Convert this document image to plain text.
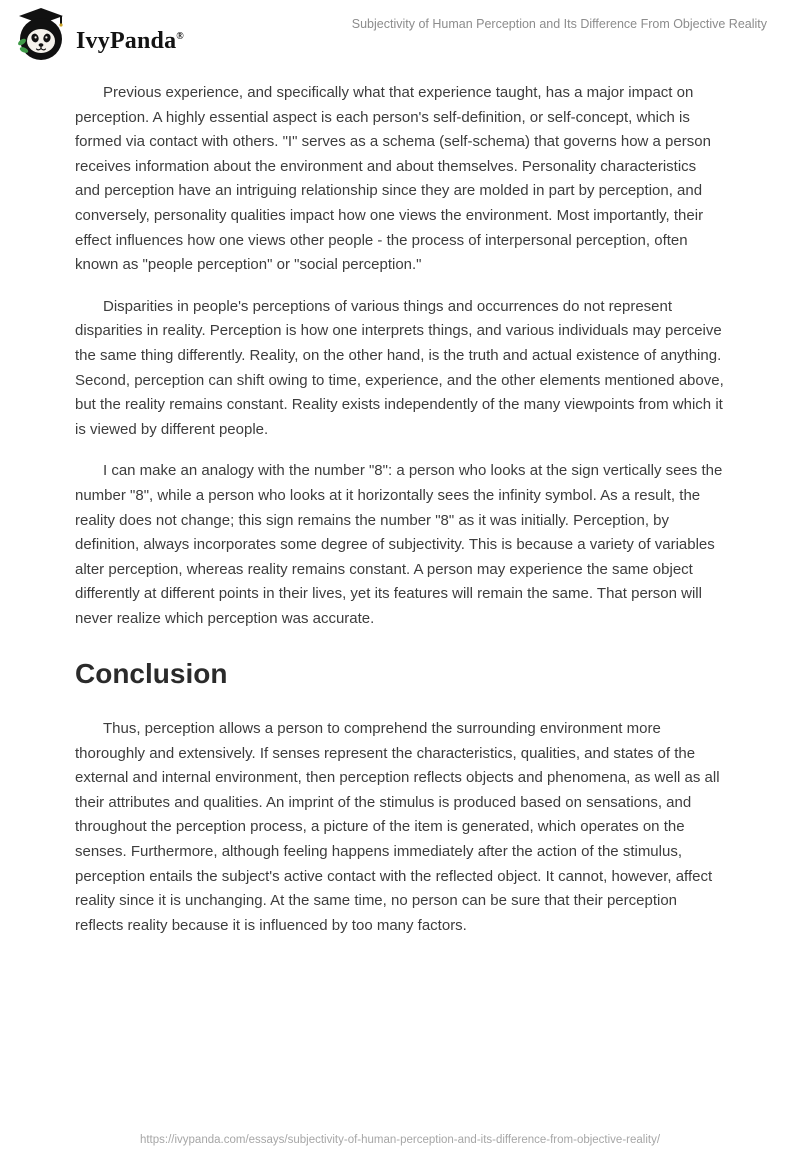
IvyPanda®
Subjectivity of Human Perception and Its Difference From Objective Reality

Previous experience, and specifically what that experience taught, has a major impact on perception. A highly essential aspect is each person's self-definition, or self-concept, which is formed via contact with others. "I" serves as a schema (self-schema) that governs how a person receives information about the environment and about themselves. Personality characteristics and perception have an intriguing relationship since they are molded in part by perception, and conversely, personality qualities impact how one views the environment. Most importantly, their effect influences how one views other people - the process of interpersonal perception, often known as "people perception" or "social perception."

Disparities in people's perceptions of various things and occurrences do not represent disparities in reality. Perception is how one interprets things, and various individuals may perceive the same thing differently. Reality, on the other hand, is the truth and actual existence of anything. Second, perception can shift owing to time, experience, and the other elements mentioned above, but the reality remains constant. Reality exists independently of the many viewpoints from which it is viewed by different people.

I can make an analogy with the number "8": a person who looks at the sign vertically sees the number "8", while a person who looks at it horizontally sees the infinity symbol. As a result, the reality does not change; this sign remains the number "8" as it was initially. Perception, by definition, always incorporates some degree of subjectivity. This is because a variety of variables alter perception, whereas reality remains constant. A person may experience the same object differently at different points in their lives, yet its features will remain the same. That person will never realize which perception was accurate.

Conclusion

Thus, perception allows a person to comprehend the surrounding environment more thoroughly and extensively. If senses represent the characteristics, qualities, and states of the external and internal environment, then perception reflects objects and phenomena, as well as all their attributes and qualities. An imprint of the stimulus is produced based on sensations, and throughout the perception process, a picture of the item is generated, which operates on the senses. Furthermore, although feeling happens immediately after the action of the stimulus, perception entails the subject's active contact with the reflected object. It cannot, however, affect reality since it is unchanging. At the same time, no person can be sure that their perception reflects reality because it is influenced by too many factors.

https://ivypanda.com/essays/subjectivity-of-human-perception-and-its-difference-from-objective-reality/
